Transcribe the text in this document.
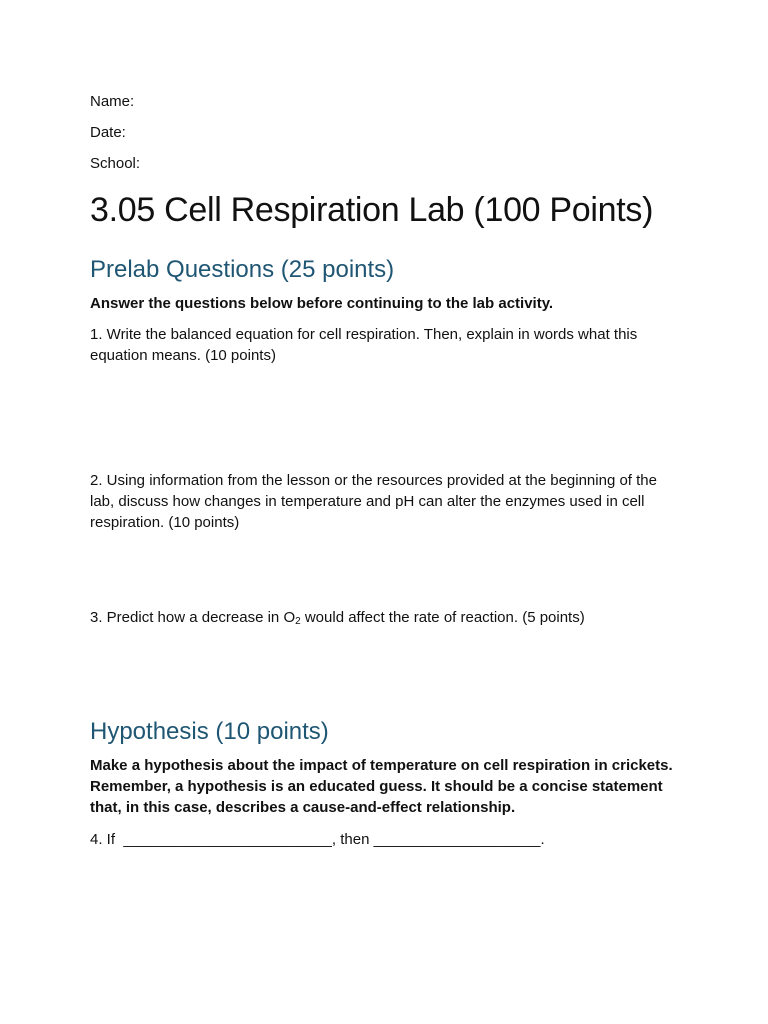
Name:

Date:

School:

3.05 Cell Respiration Lab (100 Points)
Prelab Questions (25 points)

Answer the questions below before continuing to the lab activity.

1. Write the balanced equation for cell respiration. Then, explain in words what this equation means. (10 points)

2. Using information from the lesson or the resources provided at the beginning of the lab, discuss how changes in temperature and pH can alter the enzymes used in cell respiration. (10 points)

3. Predict how a decrease in $O_2$ would affect the rate of reaction. (5 points)

Hypothesis (10 points)

Make a hypothesis about the impact of temperature on cell respiration in crickets. Remember, a hypothesis is an educated guess. It should be a concise statement that, in this case, describes a cause-and-effect relationship.

4. If  _________________________, then ____________________.
